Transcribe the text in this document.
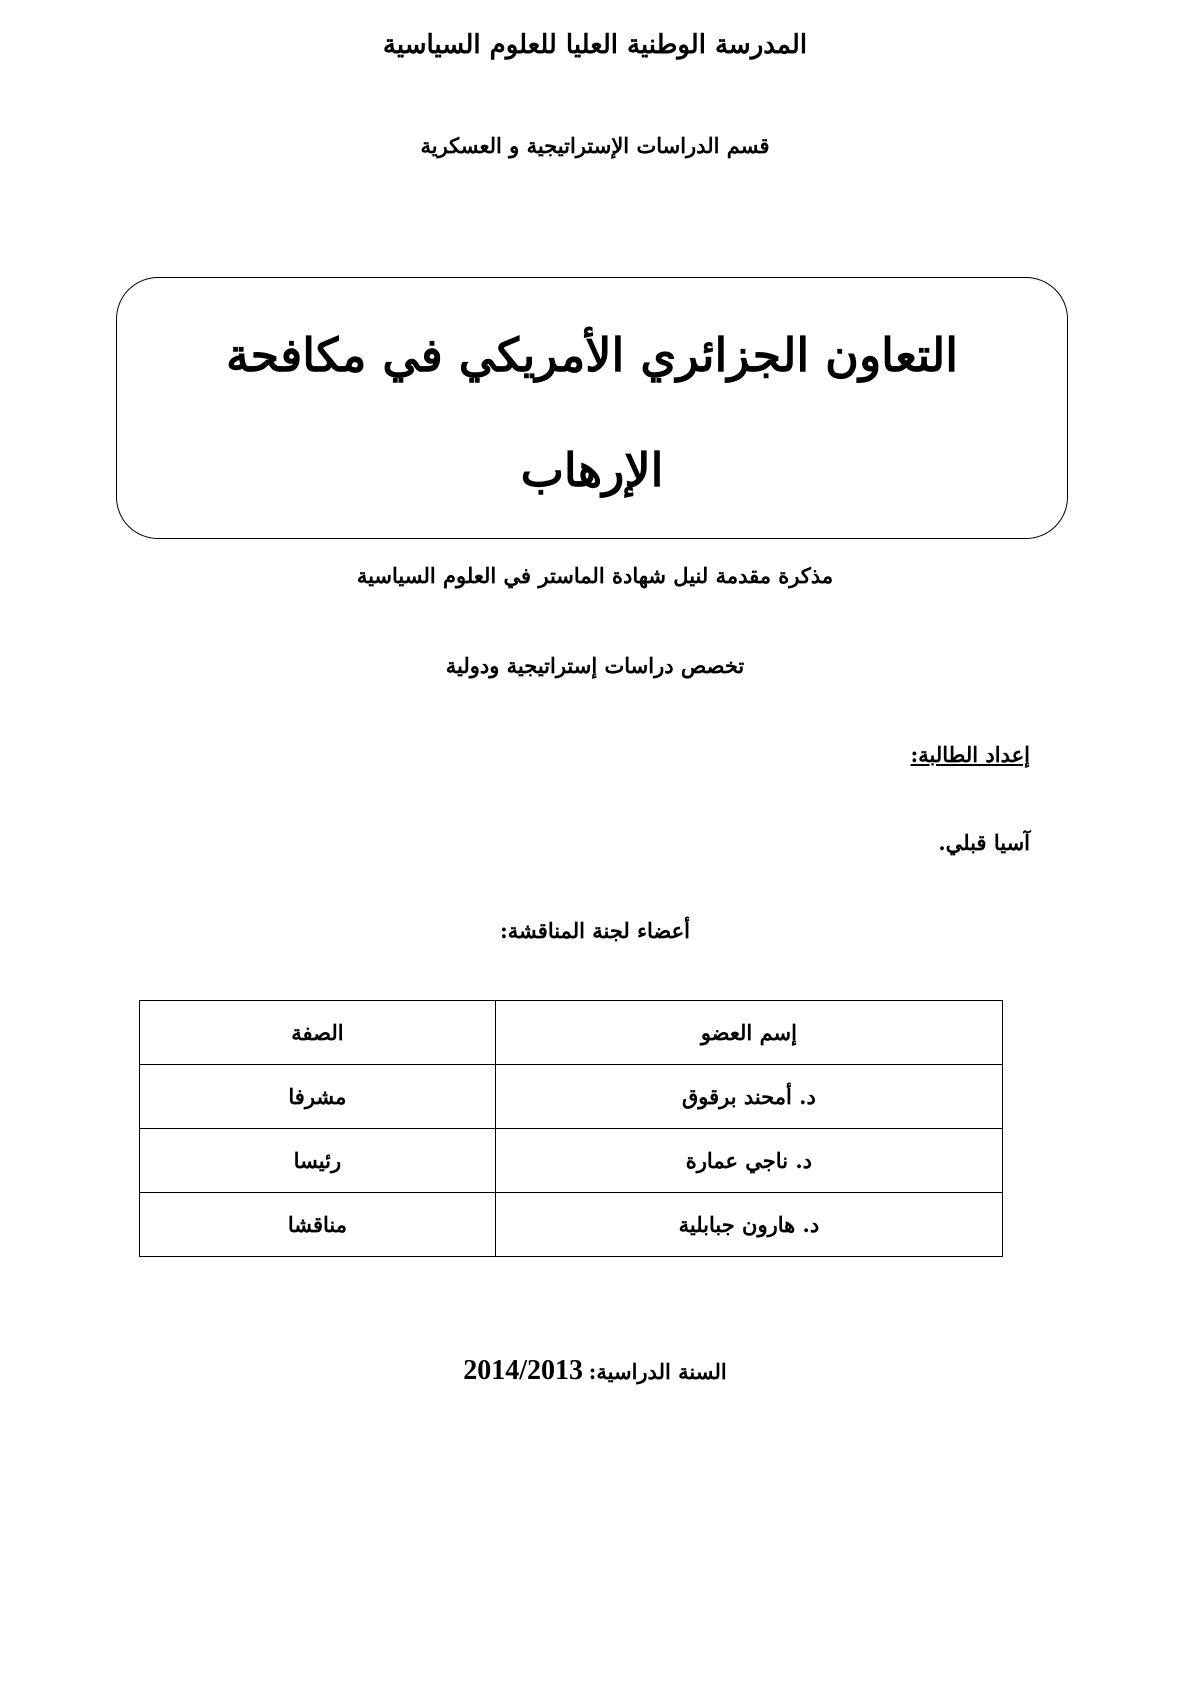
المدرسة الوطنية العليا للعلوم السياسية
قسم الدراسات الإستراتيجية و العسكرية
التعاون الجزائري الأمريكي في مكافحة
الإرهاب
مذكرة مقدمة لنيل شهادة الماستر في العلوم السياسية
تخصص دراسات إستراتيجية ودولية
إعداد الطالبة:
آسيا قبلي.
أعضاء لجنة المناقشة:
إسم العضو	الصفة
د. أمحند برقوق	مشرفا
د. ناجي عمارة	رئيسا
د. هارون جبابلية	مناقشا
السنة الدراسية: 2014/2013
